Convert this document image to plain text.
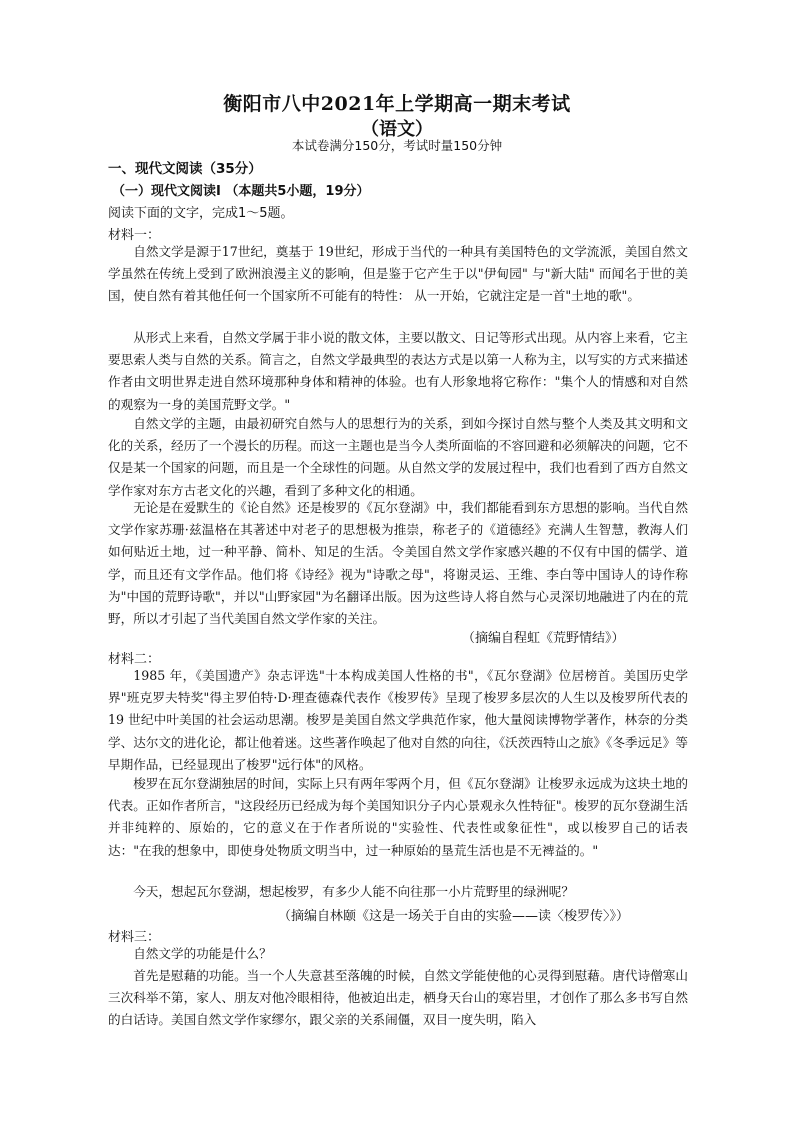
衡阳市八中2021年上学期高一期末考试
（语文）
本试卷满分150分，考试时量150分钟
一、现代文阅读（35分）
（一）现代文阅读Ⅰ （本题共5小题，19分）
阅读下面的文字，完成1～5题。
材料一：

自然文学是源于17世纪，奠基于 19世纪，形成于当代的一种具有美国特色的文学流派，美国自然文学虽然在传统上受到了欧洲浪漫主义的影响，但是鉴于它产生于以"伊甸园" 与"新大陆" 而闻名于世的美国，使自然有着其他任何一个国家所不可能有的特性： 从一开始，它就注定是一首"土地的歌"。

从形式上来看，自然文学属于非小说的散文体，主要以散文、日记等形式出现。从内容上来看，它主要思索人类与自然的关系。简言之，自然文学最典型的表达方式是以第一人称为主，以写实的方式来描述作者由文明世界走进自然环境那种身体和精神的体验。也有人形象地将它称作："集个人的情感和对自然的观察为一身的美国荒野文学。"

自然文学的主题，由最初研究自然与人的思想行为的关系，到如今探讨自然与整个人类及其文明和文化的关系，经历了一个漫长的历程。而这一主题也是当今人类所面临的不容回避和必须解决的问题，它不仅是某一个国家的问题，而且是一个全球性的问题。从自然文学的发展过程中，我们也看到了西方自然文学作家对东方古老文化的兴趣，看到了多种文化的相通。

无论是在爱默生的《论自然》还是梭罗的《瓦尔登湖》中，我们都能看到东方思想的影响。当代自然文学作家苏珊·兹温格在其著述中对老子的思想极为推崇，称老子的《道德经》充满人生智慧，教海人们如何贴近土地，过一种平静、简朴、知足的生活。令美国自然文学作家感兴趣的不仅有中国的儒学、道学，而且还有文学作品。他们将《诗经》视为"诗歌之母"，将谢灵运、王维、李白等中国诗人的诗作称为"中国的荒野诗歌"，并以"山野家园"为名翻译出版。因为这些诗人将自然与心灵深切地融进了内在的荒野，所以才引起了当代美国自然文学作家的关注。

（摘编自程虹《荒野情结》）
材料二：

1985 年，《美国遗产》杂志评选"十本构成美国人性格的书"，《瓦尔登湖》位居榜首。美国历史学界"班克罗夫特奖"得主罗伯特·D·理查德森代表作《梭罗传》呈现了梭罗多层次的人生以及梭罗所代表的 19 世纪中叶美国的社会运动思潮。梭罗是美国自然文学典范作家，他大量阅读博物学著作，林奈的分类学、达尔文的进化论，都让他着迷。这些著作唤起了他对自然的向往，《沃茨西特山之旅》《冬季远足》等早期作品，已经显现出了梭罗"远行体"的风格。

梭罗在瓦尔登湖独居的时间，实际上只有两年零两个月，但《瓦尔登湖》让梭罗永远成为这块土地的代表。正如作者所言，"这段经历已经成为每个美国知识分子内心景观永久性特征"。梭罗的瓦尔登湖生活并非纯粹的、原始的，它的意义在于作者所说的"实验性、代表性或象征性"，或以梭罗自己的话表达："在我的想象中，即使身处物质文明当中，过一种原始的垦荒生活也是不无裨益的。"

今天，想起瓦尔登湖，想起梭罗，有多少人能不向往那一小片荒野里的绿洲呢？

（摘编自林颐《这是一场关于自由的实验——读〈梭罗传〉》）
材料三：

自然文学的功能是什么？

首先是慰藉的功能。当一个人失意甚至落魄的时候，自然文学能使他的心灵得到慰藉。唐代诗僧寒山三次科举不第，家人、朋友对他冷眼相待，他被迫出走，栖身天台山的寒岩里，才创作了那么多书写自然的白话诗。美国自然文学作家缪尔，跟父亲的关系闹僵，双目一度失明，陷入
